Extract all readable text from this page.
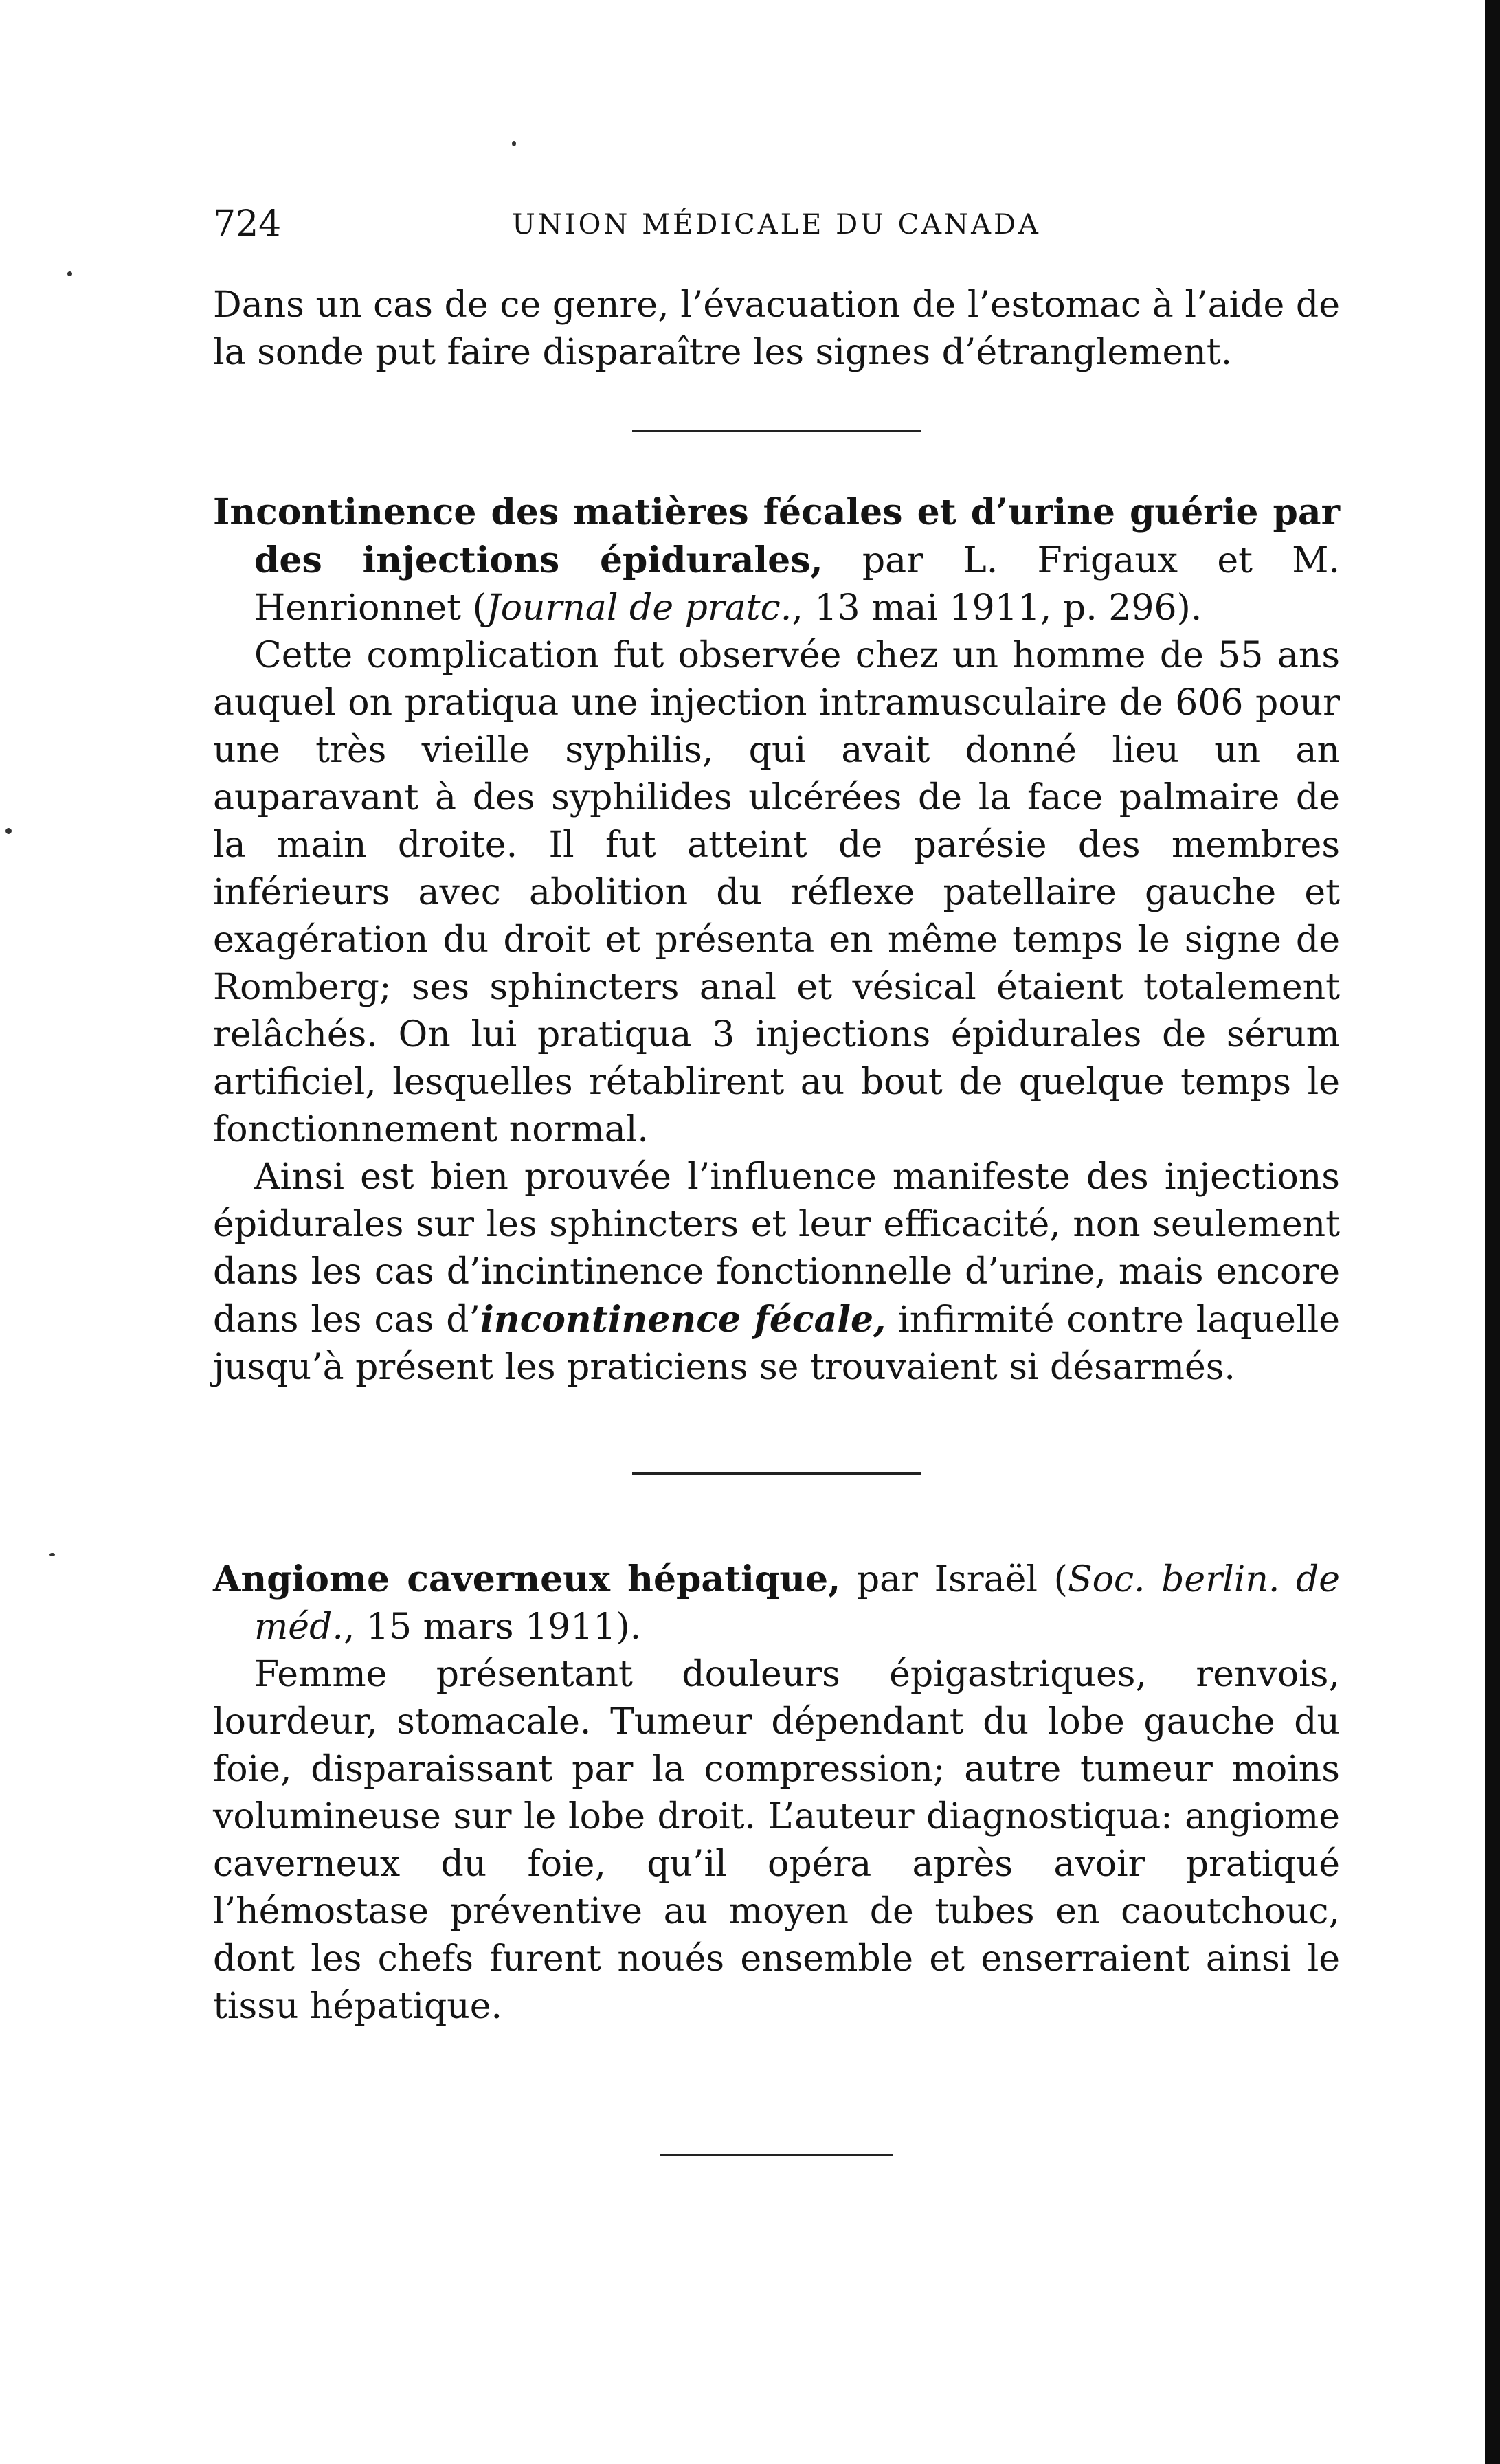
724	UNION MÉDICALE DU CANADA

Dans un cas de ce genre, l’évacuation de l’estomac à l’aide de la sonde put faire disparaître les signes d’étranglement.

Incontinence des matières fécales et d’urine guérie par des injections épidurales, par L. Frigaux et M. Henrionnet (Journal de pratc., 13 mai 1911, p. 296).

Cette complication fut observée chez un homme de 55 ans auquel on pratiqua une injection intramusculaire de 606 pour une très vieille syphilis, qui avait donné lieu un an auparavant à des syphilides ulcérées de la face palmaire de la main droite. Il fut atteint de parésie des membres inférieurs avec abolition du réflexe patellaire gauche et exagération du droit et présenta en même temps le signe de Romberg; ses sphincters anal et vésical étaient totalement relâchés. On lui pratiqua 3 injections épidurales de sérum artificiel, lesquelles rétablirent au bout de quelque temps le fonctionnement normal.

Ainsi est bien prouvée l’influence manifeste des injections épidurales sur les sphincters et leur efficacité, non seulement dans les cas d’incintinence fonctionnelle d’urine, mais encore dans les cas d’incontinence fécale, infirmité contre laquelle jusqu’à présent les praticiens se trouvaient si désarmés.

Angiome caverneux hépatique, par Israël (Soc. berlin. de méd., 15 mars 1911).

Femme présentant douleurs épigastriques, renvois, lourdeur, stomacale. Tumeur dépendant du lobe gauche du foie, disparaissant par la compression; autre tumeur moins volumineuse sur le lobe droit. L’auteur diagnostiqua: angiome caverneux du foie, qu’il opéra après avoir pratiqué l’hémostase préventive au moyen de tubes en caoutchouc, dont les chefs furent noués ensemble et enserraient ainsi le tissu hépatique.
